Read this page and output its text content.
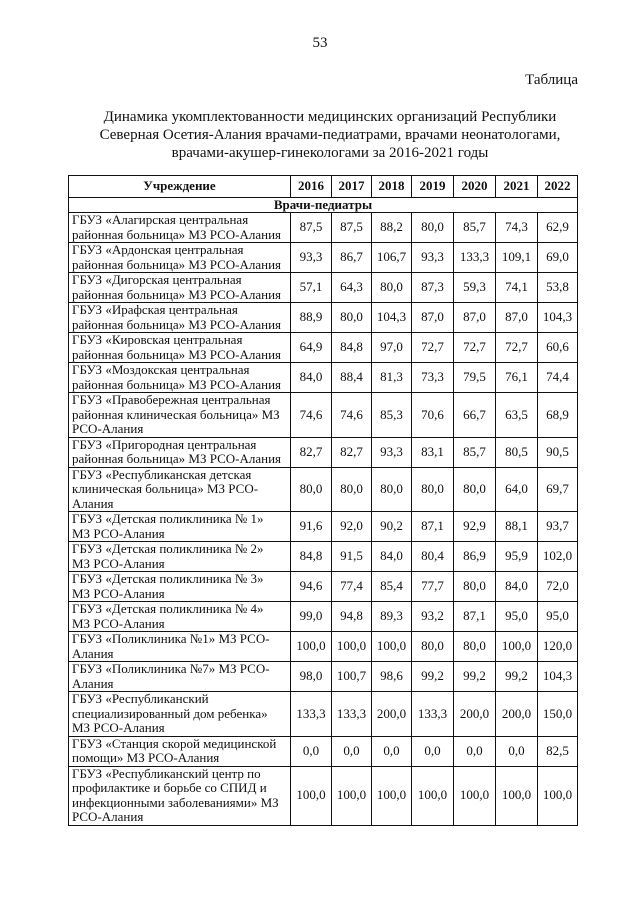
53
Таблица
Динамика укомплектованности медицинских организаций Республики
Северная Осетия-Алания врачами-педиатрами, врачами неонатологами,
врачами-акушер-гинекологами за 2016-2021 годы
Учреждение	2016	2017	2018	2019	2020	2021	2022
Врачи-педиатры							
ГБУЗ «Алагирская центральная
районная больница» МЗ РСО-Алания	87,5	87,5	88,2	80,0	85,7	74,3	62,9
ГБУЗ «Ардонская центральная
районная больница» МЗ РСО-Алания	93,3	86,7	106,7	93,3	133,3	109,1	69,0
ГБУЗ «Дигорская центральная
районная больница» МЗ РСО-Алания	57,1	64,3	80,0	87,3	59,3	74,1	53,8
ГБУЗ «Ирафская центральная
районная больница» МЗ РСО-Алания	88,9	80,0	104,3	87,0	87,0	87,0	104,3
ГБУЗ «Кировская центральная
районная больница» МЗ РСО-Алания	64,9	84,8	97,0	72,7	72,7	72,7	60,6
ГБУЗ «Моздокская центральная
районная больница» МЗ РСО-Алания	84,0	88,4	81,3	73,3	79,5	76,1	74,4
ГБУЗ «Правобережная центральная
районная клиническая больница» МЗ
РСО-Алания	74,6	74,6	85,3	70,6	66,7	63,5	68,9
ГБУЗ «Пригородная центральная
районная больница» МЗ РСО-Алания	82,7	82,7	93,3	83,1	85,7	80,5	90,5
ГБУЗ «Республиканская детская
клиническая больница» МЗ РСО-
Алания	80,0	80,0	80,0	80,0	80,0	64,0	69,7
ГБУЗ «Детская поликлиника № 1»
МЗ РСО-Алания	91,6	92,0	90,2	87,1	92,9	88,1	93,7
ГБУЗ «Детская поликлиника № 2»
МЗ РСО-Алания	84,8	91,5	84,0	80,4	86,9	95,9	102,0
ГБУЗ «Детская поликлиника № 3»
МЗ РСО-Алания	94,6	77,4	85,4	77,7	80,0	84,0	72,0
ГБУЗ «Детская поликлиника № 4»
МЗ РСО-Алания	99,0	94,8	89,3	93,2	87,1	95,0	95,0
ГБУЗ «Поликлиника №1» МЗ РСО-
Алания	100,0	100,0	100,0	80,0	80,0	100,0	120,0
ГБУЗ «Поликлиника №7» МЗ РСО-
Алания	98,0	100,7	98,6	99,2	99,2	99,2	104,3
ГБУЗ «Республиканский
специализированный дом ребенка»
МЗ РСО-Алания	133,3	133,3	200,0	133,3	200,0	200,0	150,0
ГБУЗ «Станция скорой медицинской
помощи» МЗ РСО-Алания	0,0	0,0	0,0	0,0	0,0	0,0	82,5
ГБУЗ «Республиканский центр по
профилактике и борьбе со СПИД и
инфекционными заболеваниями» МЗ
РСО-Алания	100,0	100,0	100,0	100,0	100,0	100,0	100,0
